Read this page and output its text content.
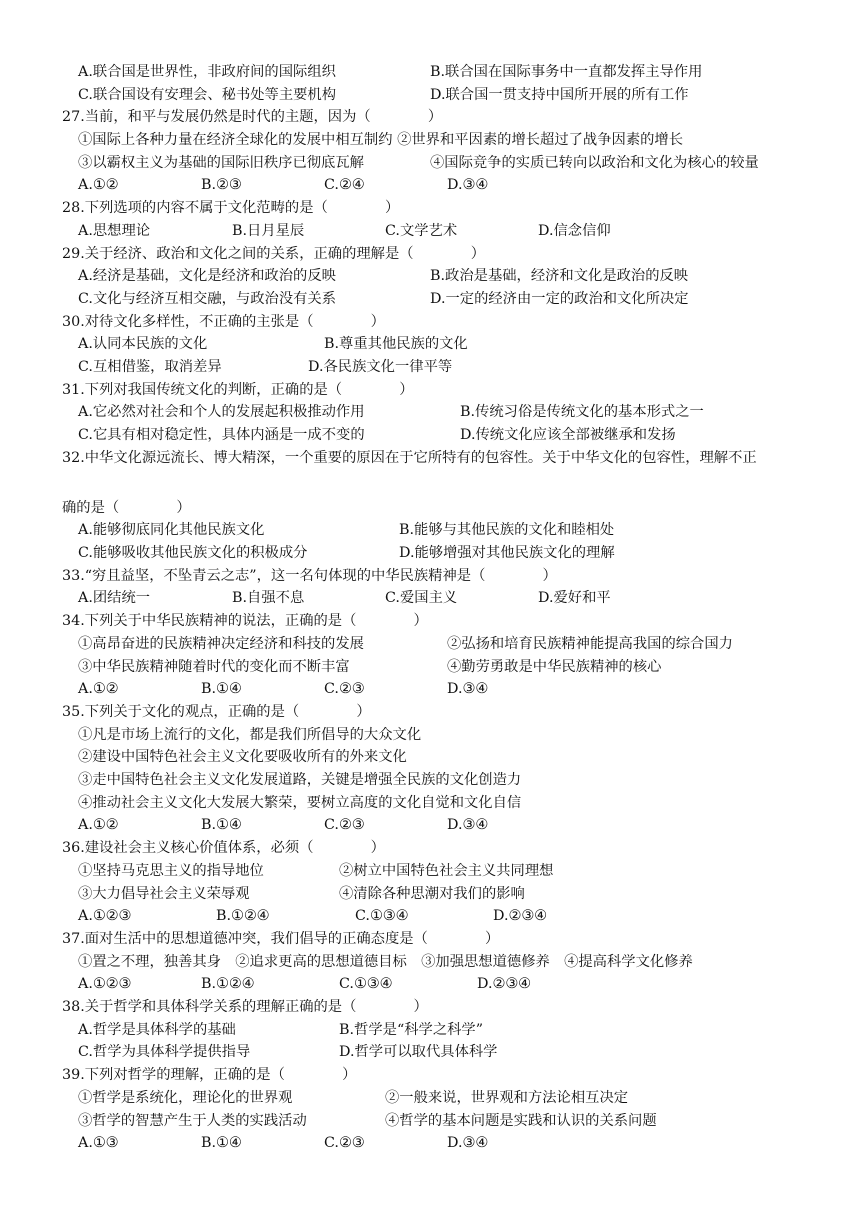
A.联合国是世界性，非政府间的国际组织	B.联合国在国际事务中一直都发挥主导作用
C.联合国设有安理会、秘书处等主要机构	D.联合国一贯支持中国所开展的所有工作
27.当前，和平与发展仍然是时代的主题，因为（　　　　）
①国际上各种力量在经济全球化的发展中相互制约 ②世界和平因素的增长超过了战争因素的增长
③以霸权主义为基础的国际旧秩序已彻底瓦解	④国际竞争的实质已转向以政治和文化为核心的较量
A.①②	B.②③	C.②④	D.③④
28.下列选项的内容不属于文化范畴的是（　　　　）
A.思想理论	B.日月星辰	C.文学艺术	D.信念信仰
29.关于经济、政治和文化之间的关系，正确的理解是（　　　　）
A.经济是基础，文化是经济和政治的反映	B.政治是基础，经济和文化是政治的反映
C.文化与经济互相交融，与政治没有关系	D.一定的经济由一定的政治和文化所决定
30.对待文化多样性，不正确的主张是（　　　　）
A.认同本民族的文化	B.尊重其他民族的文化
C.互相借鉴，取消差异	D.各民族文化一律平等
31.下列对我国传统文化的判断，正确的是（　　　　）
A.它必然对社会和个人的发展起积极推动作用	B.传统习俗是传统文化的基本形式之一
C.它具有相对稳定性，具体内涵是一成不变的	D.传统文化应该全部被继承和发扬
32.中华文化源远流长、博大精深，一个重要的原因在于它所特有的包容性。关于中华文化的包容性，理解不正
确的是（　　　　）
A.能够彻底同化其他民族文化	B.能够与其他民族的文化和睦相处
C.能够吸收其他民族文化的积极成分	D.能够增强对其他民族文化的理解
33.“穷且益坚，不坠青云之志”，这一名句体现的中华民族精神是（　　　　）
A.团结统一	B.自强不息	C.爱国主义	D.爱好和平
34.下列关于中华民族精神的说法，正确的是（　　　　）
①高昂奋进的民族精神决定经济和科技的发展	②弘扬和培育民族精神能提高我国的综合国力
③中华民族精神随着时代的变化而不断丰富	④勤劳勇敢是中华民族精神的核心
A.①②	B.①④	C.②③	D.③④
35.下列关于文化的观点，正确的是（　　　　）
①凡是市场上流行的文化，都是我们所倡导的大众文化
②建设中国特色社会主义文化要吸收所有的外来文化
③走中国特色社会主义文化发展道路，关键是增强全民族的文化创造力
④推动社会主义文化大发展大繁荣，要树立高度的文化自觉和文化自信
A.①②	B.①④	C.②③	D.③④
36.建设社会主义核心价值体系，必须（　　　　）
①坚持马克思主义的指导地位	②树立中国特色社会主义共同理想
③大力倡导社会主义荣辱观	④清除各种思潮对我们的影响
A.①②③	B.①②④	C.①③④	D.②③④
37.面对生活中的思想道德冲突，我们倡导的正确态度是（　　　　）
①置之不理，独善其身　②追求更高的思想道德目标　③加强思想道德修养　④提高科学文化修养
A.①②③	B.①②④	C.①③④	D.②③④
38.关于哲学和具体科学关系的理解正确的是（　　　　）
A.哲学是具体科学的基础	B.哲学是“科学之科学”
C.哲学为具体科学提供指导	D.哲学可以取代具体科学
39.下列对哲学的理解，正确的是（　　　　）
①哲学是系统化，理论化的世界观	②一般来说，世界观和方法论相互决定
③哲学的智慧产生于人类的实践活动	④哲学的基本问题是实践和认识的关系问题
A.①③	B.①④	C.②③	D.③④
